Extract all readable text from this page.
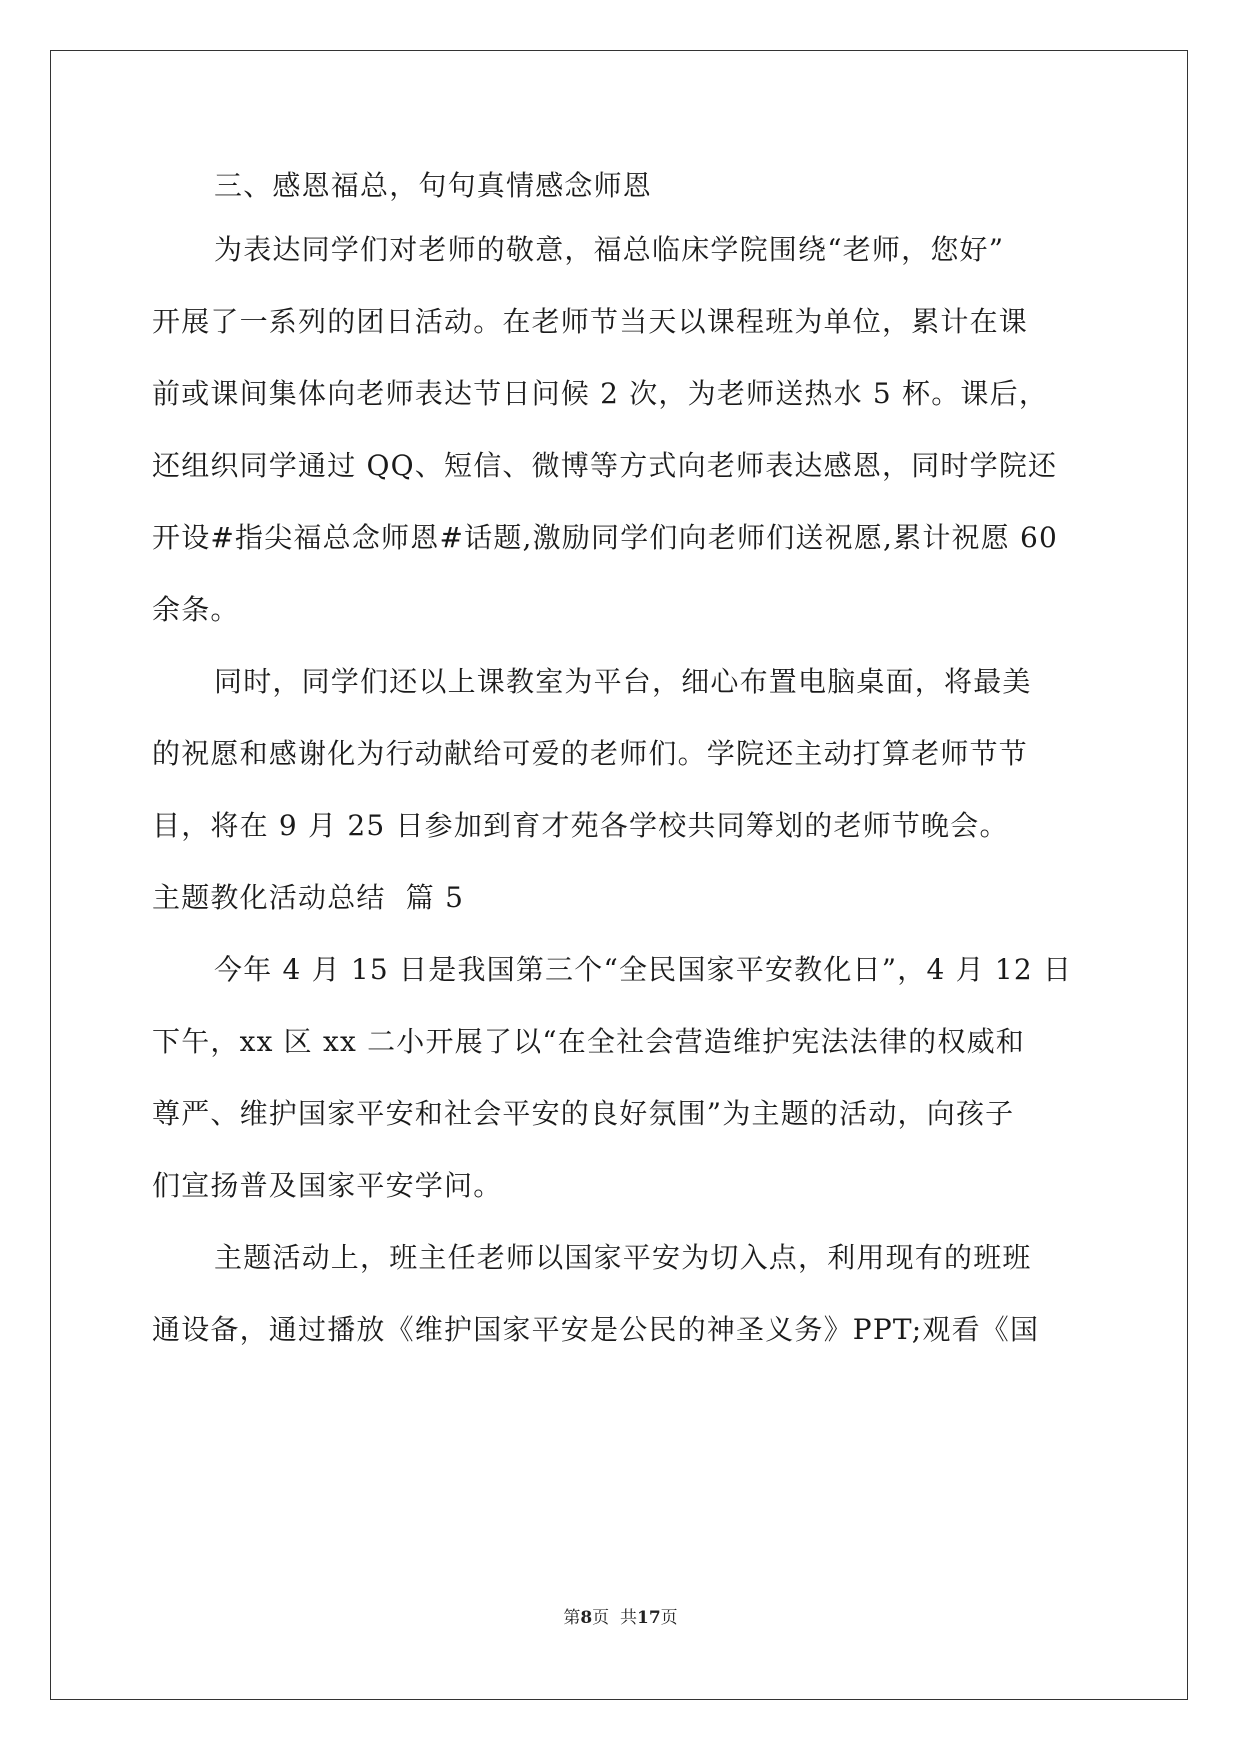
三、感恩福总，句句真情感念师恩
为表达同学们对老师的敬意，福总临床学院围绕“老师，您好”
开展了一系列的团日活动。在老师节当天以课程班为单位，累计在课
前或课间集体向老师表达节日问候 2 次，为老师送热水 5 杯。课后，
还组织同学通过 QQ、短信、微博等方式向老师表达感恩，同时学院还
开设#指尖福总念师恩#话题,激励同学们向老师们送祝愿,累计祝愿 60
余条。
同时，同学们还以上课教室为平台，细心布置电脑桌面，将最美
的祝愿和感谢化为行动献给可爱的老师们。学院还主动打算老师节节
目，将在 9 月 25 日参加到育才苑各学校共同筹划的老师节晚会。
主题教化活动总结  篇 5
今年 4 月 15 日是我国第三个“全民国家平安教化日”，4 月 12 日
下午，xx 区 xx 二小开展了以“在全社会营造维护宪法法律的权威和
尊严、维护国家平安和社会平安的良好氛围”为主题的活动，向孩子
们宣扬普及国家平安学问。
主题活动上，班主任老师以国家平安为切入点，利用现有的班班
通设备，通过播放《维护国家平安是公民的神圣义务》PPT;观看《国
第8页  共17页
